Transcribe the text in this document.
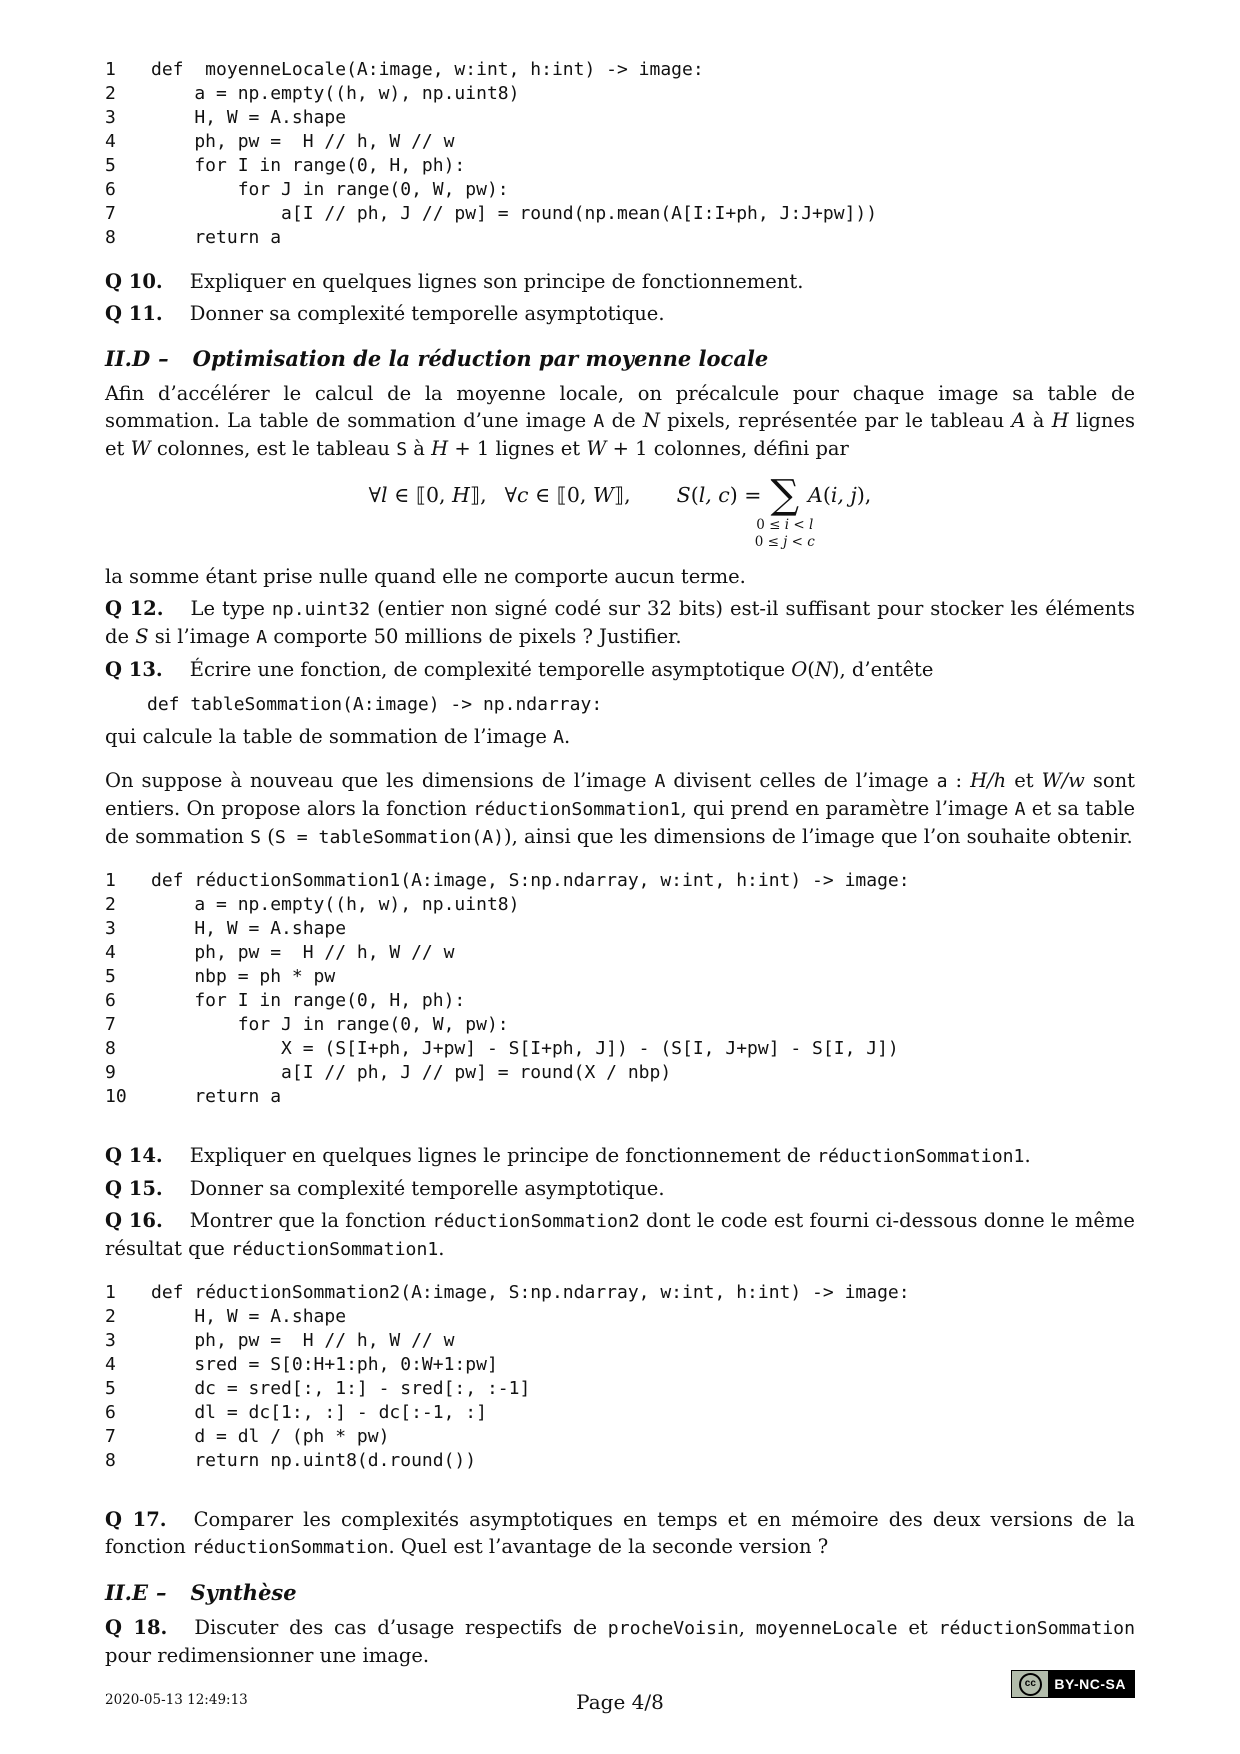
1	def  moyenneLocale(A:image, w:int, h:int) -> image:
2	a = np.empty((h, w), np.uint8)
3	H, W = A.shape
4	ph, pw =  H // h, W // w
5	for I in range(0, H, ph):
6	for J in range(0, W, pw):
7	a[I // ph, J // pw] = round(np.mean(A[I:I+ph, J:J+pw]))
8	return a

Q 10. Expliquer en quelques lignes son principe de fonctionnement.

Q 11. Donner sa complexité temporelle asymptotique.

II.D – Optimisation de la réduction par moyenne locale

Afin d’accélérer le calcul de la moyenne locale, on précalcule pour chaque image sa table de sommation. La table de sommation d’une image A de N pixels, représentée par le tableau A à H lignes et W colonnes, est le tableau S à H + 1 lignes et W + 1 colonnes, défini par

∀l ∈ ⟦0, H⟧, ∀c ∈ ⟦0, W⟧, S(l, c) = ∑
0 ≤ i < l
0 ≤ j < c
A(i, j),

la somme étant prise nulle quand elle ne comporte aucun terme.

Q 12. Le type np.uint32 (entier non signé codé sur 32 bits) est-il suffisant pour stocker les éléments de S si l’image A comporte 50 millions de pixels ? Justifier.

Q 13. Écrire une fonction, de complexité temporelle asymptotique O(N), d’entête

def tableSommation(A:image) -> np.ndarray:

qui calcule la table de sommation de l’image A.

On suppose à nouveau que les dimensions de l’image A divisent celles de l’image a : H/h et W/w sont entiers. On propose alors la fonction réductionSommation1, qui prend en paramètre l’image A et sa table de sommation S (S = tableSommation(A)), ainsi que les dimensions de l’image que l’on souhaite obtenir.

1	def réductionSommation1(A:image, S:np.ndarray, w:int, h:int) -> image:
2	a = np.empty((h, w), np.uint8)
3	H, W = A.shape
4	ph, pw =  H // h, W // w
5	nbp = ph * pw
6	for I in range(0, H, ph):
7	for J in range(0, W, pw):
8	X = (S[I+ph, J+pw] - S[I+ph, J]) - (S[I, J+pw] - S[I, J])
9	a[I // ph, J // pw] = round(X / nbp)
10	return a

Q 14. Expliquer en quelques lignes le principe de fonctionnement de réductionSommation1.

Q 15. Donner sa complexité temporelle asymptotique.

Q 16. Montrer que la fonction réductionSommation2 dont le code est fourni ci-dessous donne le même résultat que réductionSommation1.

1	def réductionSommation2(A:image, S:np.ndarray, w:int, h:int) -> image:
2	H, W = A.shape
3	ph, pw =  H // h, W // w
4	sred = S[0:H+1:ph, 0:W+1:pw]
5	dc = sred[:, 1:] - sred[:, :-1]
6	dl = dc[1:, :] - dc[:-1, :]
7	d = dl / (ph * pw)
8	return np.uint8(d.round())

Q 17. Comparer les complexités asymptotiques en temps et en mémoire des deux versions de la fonction réductionSommation. Quel est l’avantage de la seconde version ?

II.E – Synthèse

Q 18. Discuter des cas d’usage respectifs de procheVoisin, moyenneLocale et réductionSommation pour redimensionner une image.

2020-05-13 12:49:13	Page 4/8
cc	BY-NC-SA
